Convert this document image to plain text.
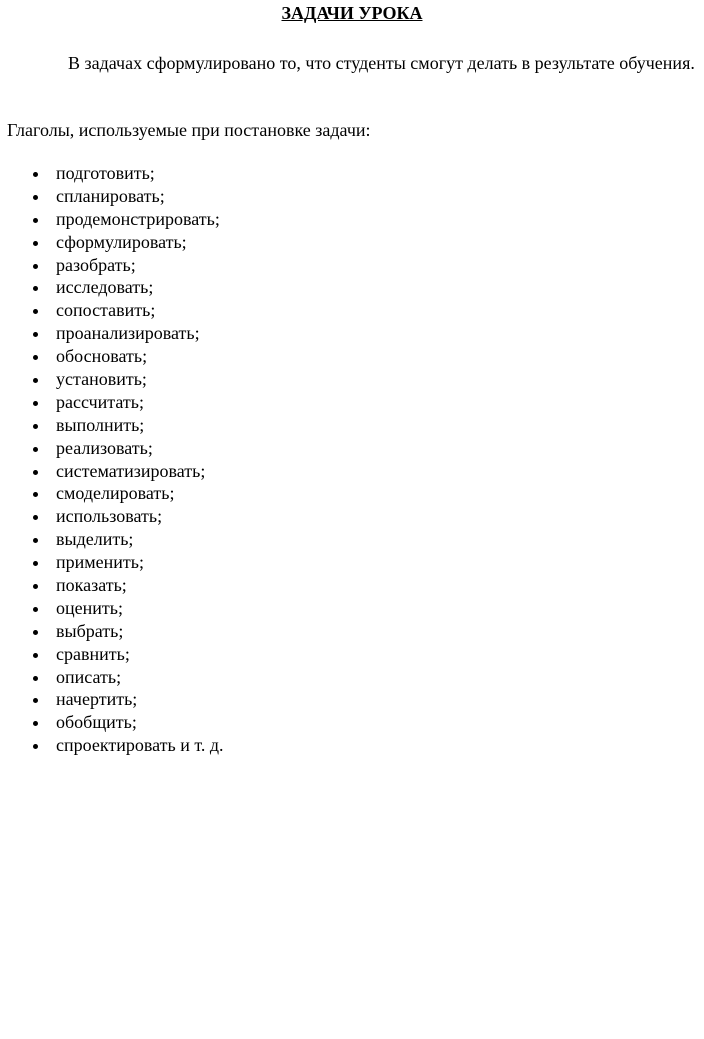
ЗАДАЧИ УРОКА

В задачах сформулировано то, что студенты смогут делать в результате обучения.

Глаголы, используемые при постановке задачи:

подготовить;
спланировать;
продемонстрировать;
сформулировать;
разобрать;
исследовать;
сопоставить;
проанализировать;
обосновать;
установить;
рассчитать;
выполнить;
реализовать;
систематизировать;
смоделировать;
использовать;
выделить;
применить;
показать;
оценить;
выбрать;
сравнить;
описать;
начертить;
обобщить;
спроектировать и т. д.
